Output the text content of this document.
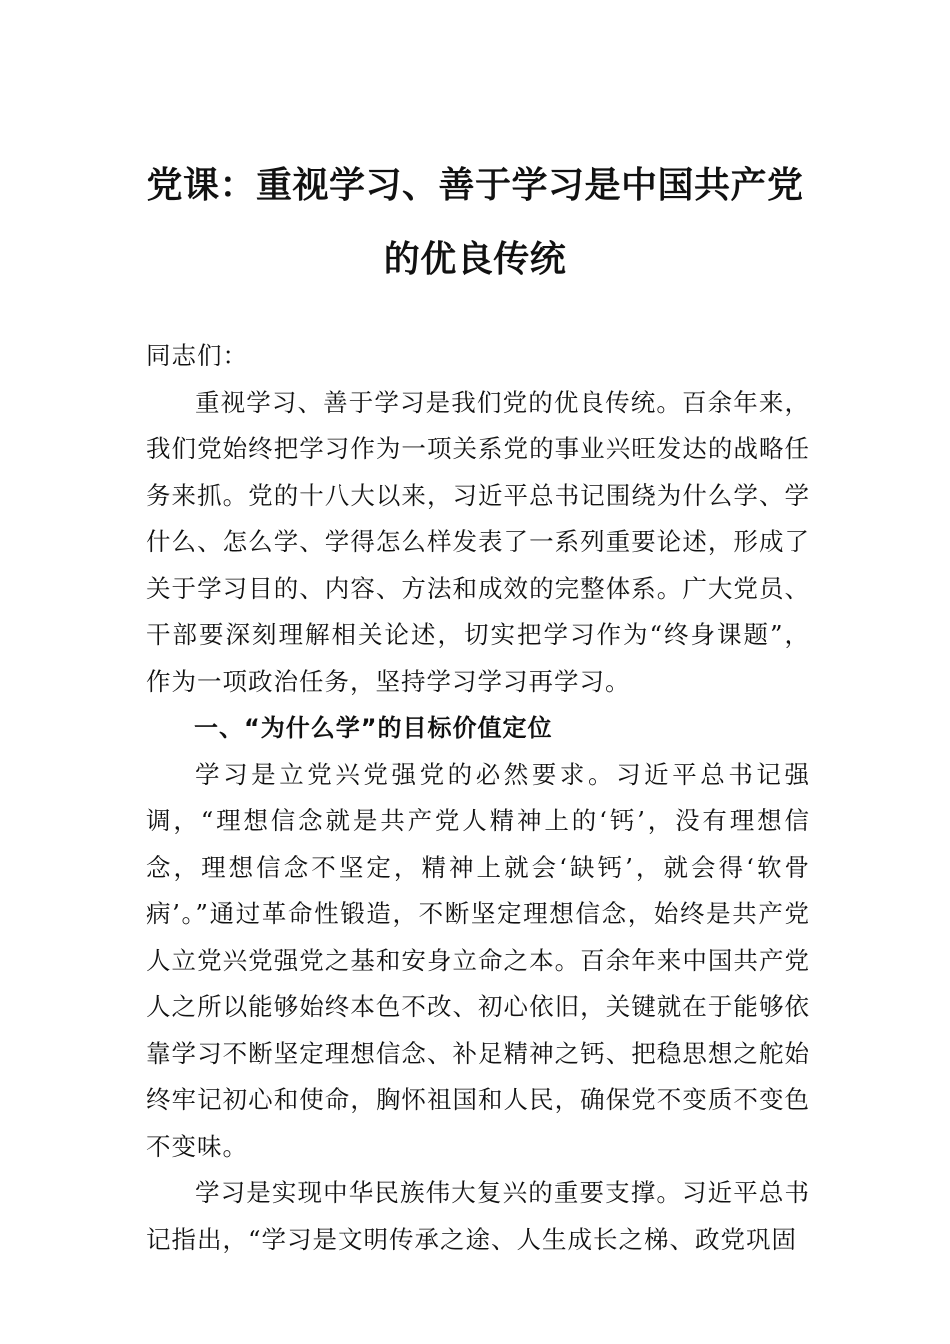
党课：重视学习、善于学习是中国共产党
的优良传统

同志们：

重视学习、善于学习是我们党的优良传统。百余年来，我们党始终把学习作为一项关系党的事业兴旺发达的战略任务来抓。党的十八大以来，习近平总书记围绕为什么学、学什么、怎么学、学得怎么样发表了一系列重要论述，形成了关于学习目的、内容、方法和成效的完整体系。广大党员、干部要深刻理解相关论述，切实把学习作为“终身课题”，作为一项政治任务，坚持学习学习再学习。

一、“为什么学”的目标价值定位

学习是立党兴党强党的必然要求。习近平总书记强调，“理想信念就是共产党人精神上的‘钙’，没有理想信念，理想信念不坚定，精神上就会‘缺钙’，就会得‘软骨病’。”通过革命性锻造，不断坚定理想信念，始终是共产党人立党兴党强党之基和安身立命之本。百余年来中国共产党人之所以能够始终本色不改、初心依旧，关键就在于能够依靠学习不断坚定理想信念、补足精神之钙、把稳思想之舵始终牢记初心和使命，胸怀祖国和人民，确保党不变质不变色不变味。

学习是实现中华民族伟大复兴的重要支撑。习近平总书记指出，“学习是文明传承之途、人生成长之梯、政党巩固
